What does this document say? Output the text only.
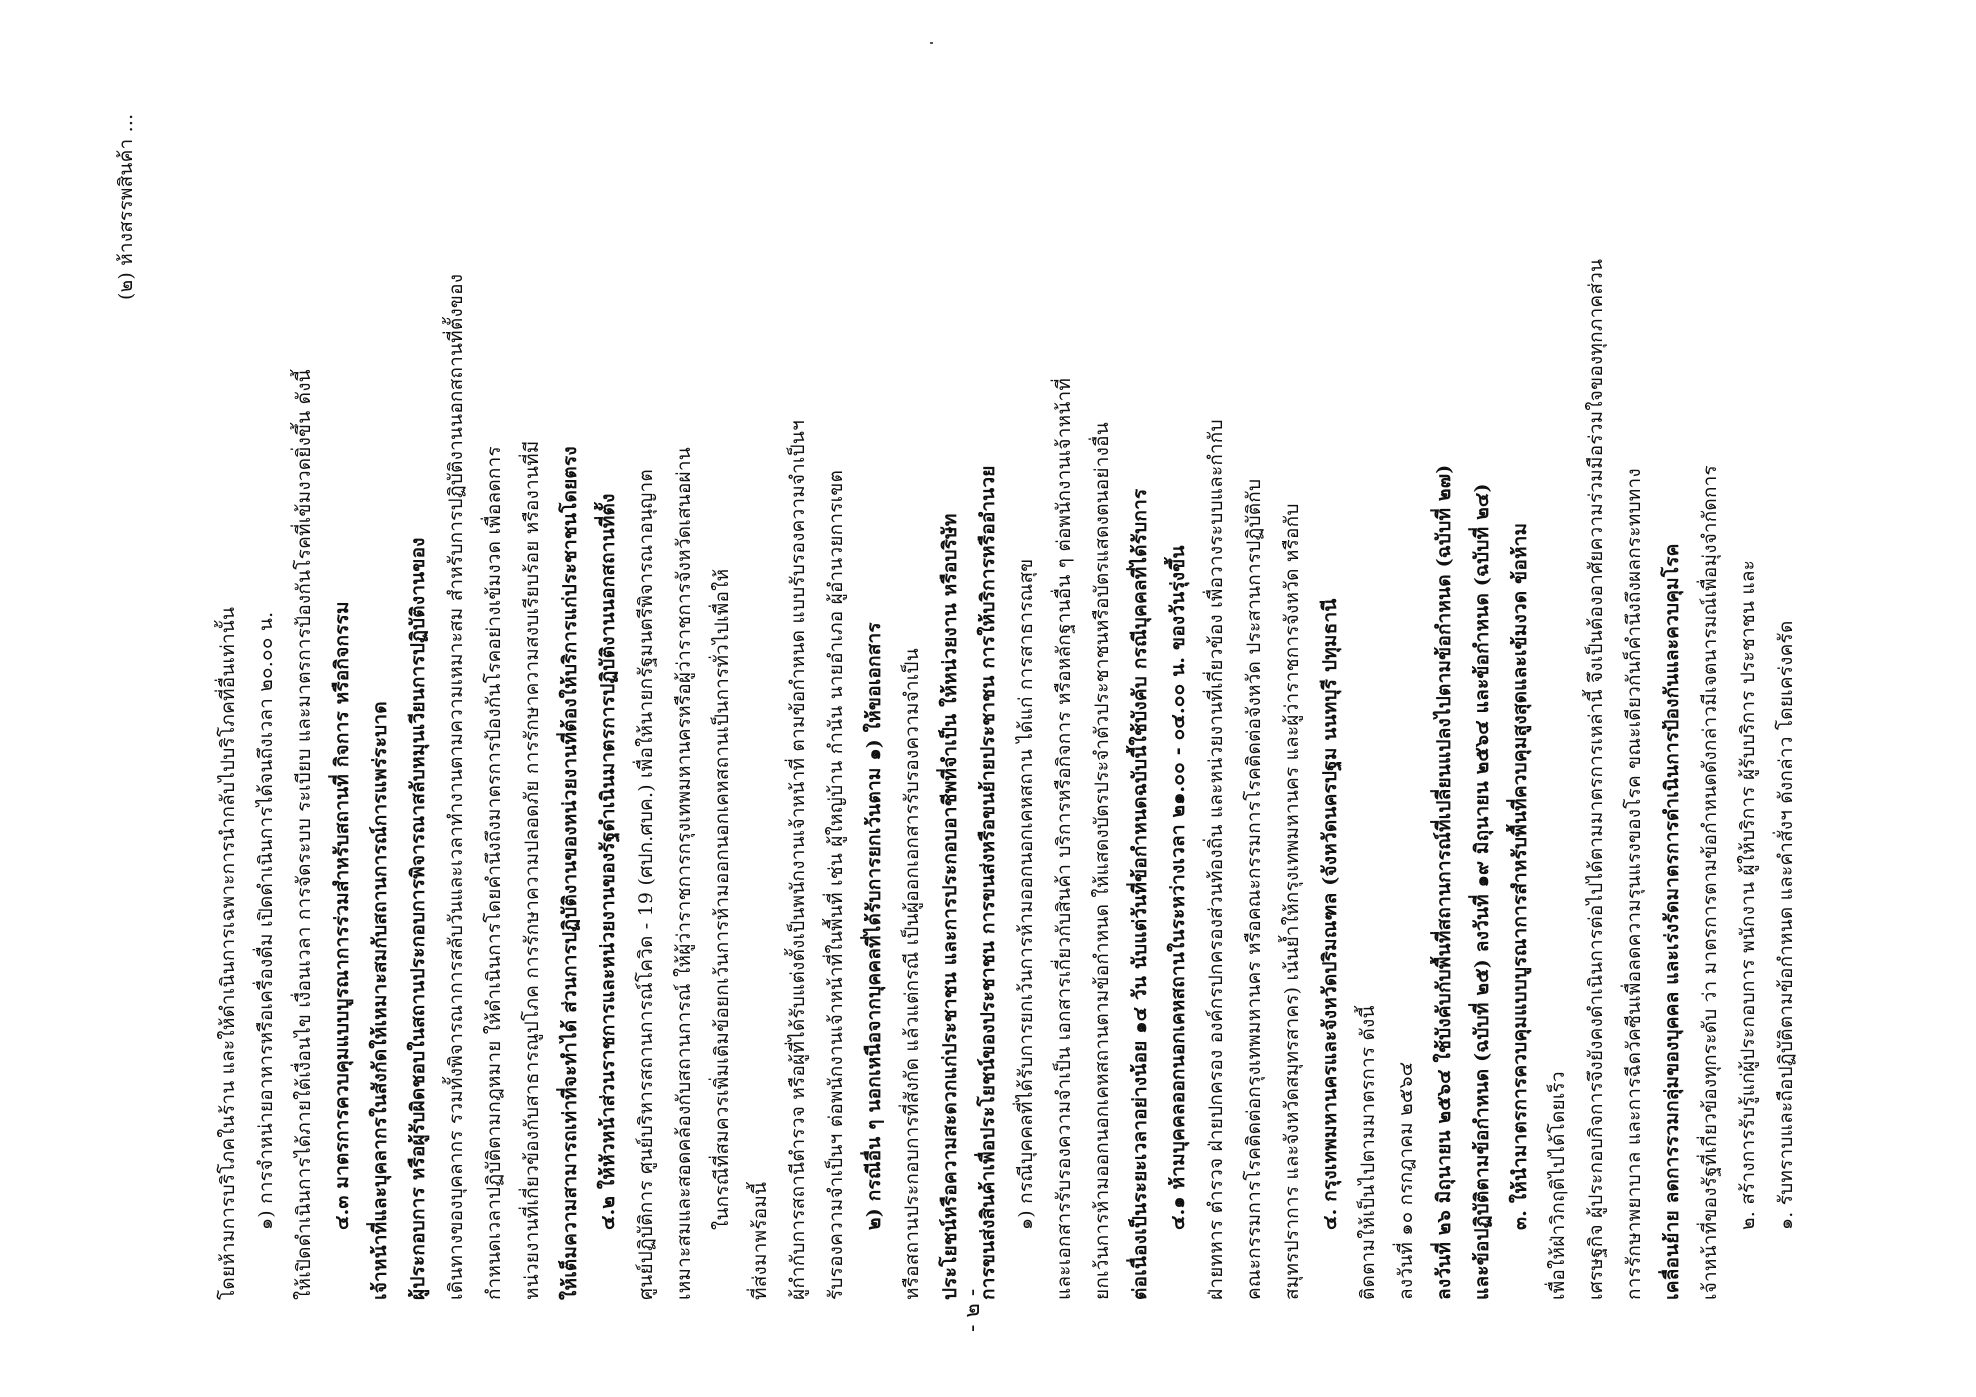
- ๒ -
(๒) ห้างสรรพสินค้า ...
๑. รับทราบและถือปฏิบัติตามข้อกำหนด และคำสั่งฯ ดังกล่าว โดยเคร่งครัด
๒. สร้างการรับรู้แก่ผู้ประกอบการ พนักงาน ผู้ให้บริการ ผู้รับบริการ ประชาชน และ
เจ้าหน้าที่ของรัฐที่เกี่ยวข้องทุกระดับ ว่า มาตรการตามข้อกำหนดดังกล่าวมีเจตนารมณ์เพื่อมุ่งจำกัดการ
เคลื่อนย้าย ลดการรวมกลุ่มของบุคคล และเร่งรัดมาตรการดำเนินการป้องกันและควบคุมโรค
การรักษาพยาบาล และการฉีดวัคซีนเพื่อลดความรุนแรงของโรค ขณะเดียวกันก็คำนึงถึงผลกระทบทาง
เศรษฐกิจ ผู้ประกอบกิจการจึงยังคงดำเนินการต่อไปได้ตามมาตรการเหล่านี้ จึงเป็นต้องอาศัยความร่วมมือร่วมใจของทุกภาคส่วน
เพื่อให้ฝ่าวิกฤติไปได้โดยเร็ว
๓. ให้นำมาตรการควบคุมแบบบูรณาการสำหรับพื้นที่ควบคุมสูงสุดและเข้มงวด ข้อห้าม
และข้อปฏิบัติตามข้อกำหนด (ฉบับที่ ๒๕) ลงวันที่ ๑๙ มิถุนายน ๒๕๖๔ และข้อกำหนด (ฉบับที่ ๒๔)
ลงวันที่ ๒๖ มิถุนายน ๒๕๖๔ ใช้บังคับกับพื้นที่สถานการณ์ที่เปลี่ยนแปลงไปตามข้อกำหนด (ฉบับที่ ๒๗)
ลงวันที่ ๑๐ กรกฎาคม ๒๕๖๔
ติดตามให้เป็นไปตามมาตรการ ดังนี้
๔. กรุงเทพมหานครและจังหวัดปริมณฑล (จังหวัดนครปฐม นนทบุรี ปทุมธานี
สมุทรปราการ และจังหวัดสมุทรสาคร) เน้นย้ำให้กรุงเทพมหานคร และผู้ว่าราชการจังหวัด หรือกับ
คณะกรรมการโรคติดต่อกรุงเทพมหานคร หรือคณะกรรมการโรคติดต่อจังหวัด ประสานการปฏิบัติกับ
ฝ่ายทหาร ตำรวจ ฝ่ายปกครอง องค์กรปกครองส่วนท้องถิ่น และหน่วยงานที่เกี่ยวข้อง เพื่อวางระบบและกำกับ
๔.๑ ห้ามบุคคลออกนอกเคหสถานในระหว่างเวลา ๒๑.๐๐ - ๐๔.๐๐ น. ของวันรุ่งขึ้น
ต่อเนื่องเป็นระยะเวลาอย่างน้อย ๑๔ วัน นับแต่วันที่ข้อกำหนดฉบับนี้ใช้บังคับ กรณีบุคคลที่ได้รับการ
ยกเว้นการห้ามออกนอกเคหสถานตามข้อกำหนด ให้แสดงบัตรประจำตัวประชาชนหรือบัตรแสดงตนอย่างอื่น
และเอกสารรับรองความจำเป็น เอกสารเกี่ยวกับสินค้า บริการหรือกิจการ หรือหลักฐานอื่น ๆ ต่อพนักงานเจ้าหน้าที่
๑) กรณีบุคคลที่ได้รับการยกเว้นการห้ามออกนอกเคหสถาน ได้แก่ การสาธารณสุข
การขนส่งสินค้าเพื่อประโยชน์ของประชาชน การขนส่งหรือขนย้ายประชาชน การให้บริการหรืออำนวย
ประโยชน์หรือความสะดวกแก่ประชาชน และการประกอบอาชีพที่จำเป็น ให้หน่วยงาน หรือบริษัท
หรือสถานประกอบการที่สังกัด แล้วแต่กรณี เป็นผู้ออกเอกสารรับรองความจำเป็น
๒) กรณีอื่น ๆ นอกเหนือจากบุคคลที่ได้รับการยกเว้นตาม ๑) ให้ขอเอกสาร
รับรองความจำเป็นฯ ต่อพนักงานเจ้าหน้าที่ในพื้นที่ เช่น ผู้ใหญ่บ้าน กำนัน นายอำเภอ ผู้อำนวยการเขต
ผู้กำกับการสถานีตำรวจ หรือผู้ที่ได้รับแต่งตั้งเป็นพนักงานเจ้าหน้าที่ ตามข้อกำหนด แบบรับรองความจำเป็นฯ
ที่ส่งมาพร้อมนี้
ในกรณีที่สมควรเพิ่มเติมข้อยกเว้นการห้ามออกนอกเคหสถานเป็นการทั่วไปเพื่อให้
เหมาะสมและสอดคล้องกับสถานการณ์ ให้ผู้ว่าราชการกรุงเทพมหานครหรือผู้ว่าราชการจังหวัดเสนอผ่าน
ศูนย์ปฏิบัติการ ศูนย์บริหารสถานการณ์โควิด - 19 (ศปก.ศบค.) เพื่อให้นายกรัฐมนตรีพิจารณาอนุญาต
๔.๒ ให้หัวหน้าส่วนราชการและหน่วยงานของรัฐดำเนินมาตรการปฏิบัติงานนอกสถานที่ตั้ง
ให้เต็มความสามารถเท่าที่จะทำได้ ส่วนการปฏิบัติงานของหน่วยงานที่ต้องให้บริการแก่ประชาชนโดยตรง
หน่วยงานที่เกี่ยวข้องกับสาธารณูปโภค การรักษาความปลอดภัย การรักษาความสงบเรียบร้อย หรืองานที่มี
กำหนดเวลาปฏิบัติตามกฎหมาย ให้ดำเนินการโดยคำนึงถึงมาตรการป้องกันโรคอย่างเข้มงวด เพื่อลดการ
เดินทางของบุคลากร รวมทั้งพิจารณาการสลับวันและเวลาทำงานตามความเหมาะสม สำหรับการปฏิบัติงานนอกสถานที่ตั้งของ
ผู้ประกอบการ หรือผู้รับผิดชอบในสถานประกอบการพิจารณาสลับหมุนเวียนการปฏิบัติงานของ
เจ้าหน้าที่และบุคลากรในสังกัดให้เหมาะสมกับสถานการณ์การแพร่ระบาด
๔.๓ มาตรการควบคุมแบบบูรณาการร่วมสำหรับสถานที่ กิจการ หรือกิจกรรม
ให้เปิดดำเนินการได้ภายใต้เงื่อนไข เงื่อนเวลา การจัดระบบ ระเบียบ และมาตรการป้องกันโรคที่เข้มงวดยิ่งขึ้น ดังนี้
๑) การจำหน่ายอาหารหรือเครื่องดื่ม เปิดดำเนินการได้จนถึงเวลา ๒๐.๐๐ น.
โดยห้ามการบริโภคในร้าน และให้ดำเนินการเฉพาะการนำกลับไปบริโภคที่อื่นเท่านั้น
